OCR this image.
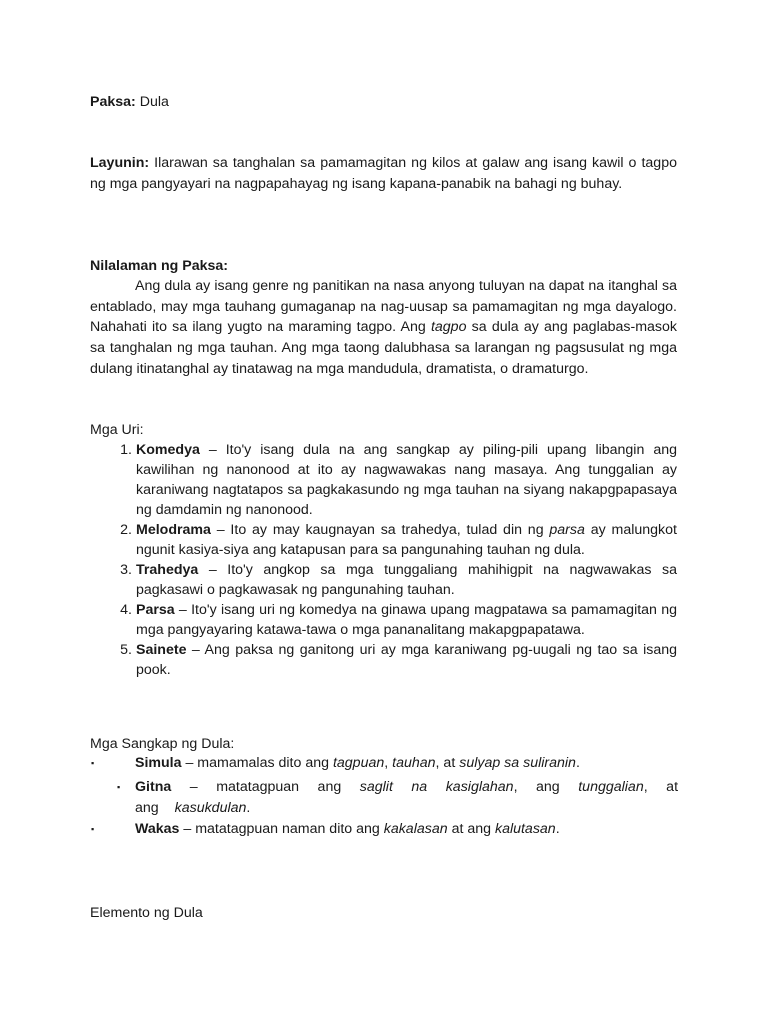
Paksa: Dula
Layunin: Ilarawan sa tanghalan sa pamamagitan ng kilos at galaw ang isang kawil o tagpo ng mga pangyayari na nagpapahayag ng isang kapana-panabik na bahagi ng buhay.
Nilalaman ng Paksa:
Ang dula ay isang genre ng panitikan na nasa anyong tuluyan na dapat na itanghal sa entablado, may mga tauhang gumaganap na nag-uusap sa pamamagitan ng mga dayalogo. Nahahati ito sa ilang yugto na maraming tagpo. Ang tagpo sa dula ay ang paglabas-masok sa tanghalan ng mga tauhan. Ang mga taong dalubhasa sa larangan ng pagsusulat ng mga dulang itinatanghal ay tinatawag na mga mandudula, dramatista, o dramaturgo.
Mga Uri:
1. Komedya – Ito'y isang dula na ang sangkap ay piling-pili upang libangin ang kawilihan ng nanonood at ito ay nagwawakas nang masaya. Ang tunggalian ay karaniwang nagtatapos sa pagkakasundo ng mga tauhan na siyang nakapgpapasaya ng damdamin ng nanonood.
2. Melodrama – Ito ay may kaugnayan sa trahedya, tulad din ng parsa ay malungkot ngunit kasiya-siya ang katapusan para sa pangunahing tauhan ng dula.
3. Trahedya – Ito'y angkop sa mga tunggaliang mahihigpit na nagwawakas sa pagkasawi o pagkawasak ng pangunahing tauhan.
4. Parsa – Ito'y isang uri ng komedya na ginawa upang magpatawa sa pamamagitan ng mga pangyayaring katawa-tawa o mga pananalitang makapgpapatawa.
5. Sainete – Ang paksa ng ganitong uri ay mga karaniwang pg-uugali ng tao sa isang pook.
Mga Sangkap ng Dula:
▪	Simula – mamamalas dito ang tagpuan, tauhan, at sulyap sa suliranin.
▪ Gitna – matatagpuan ang saglit na kasiglahan, ang tunggalian, at ang kasukdulan.
▪	Wakas – matatagpuan naman dito ang kakalasan at ang kalutasan.
Elemento ng Dula
